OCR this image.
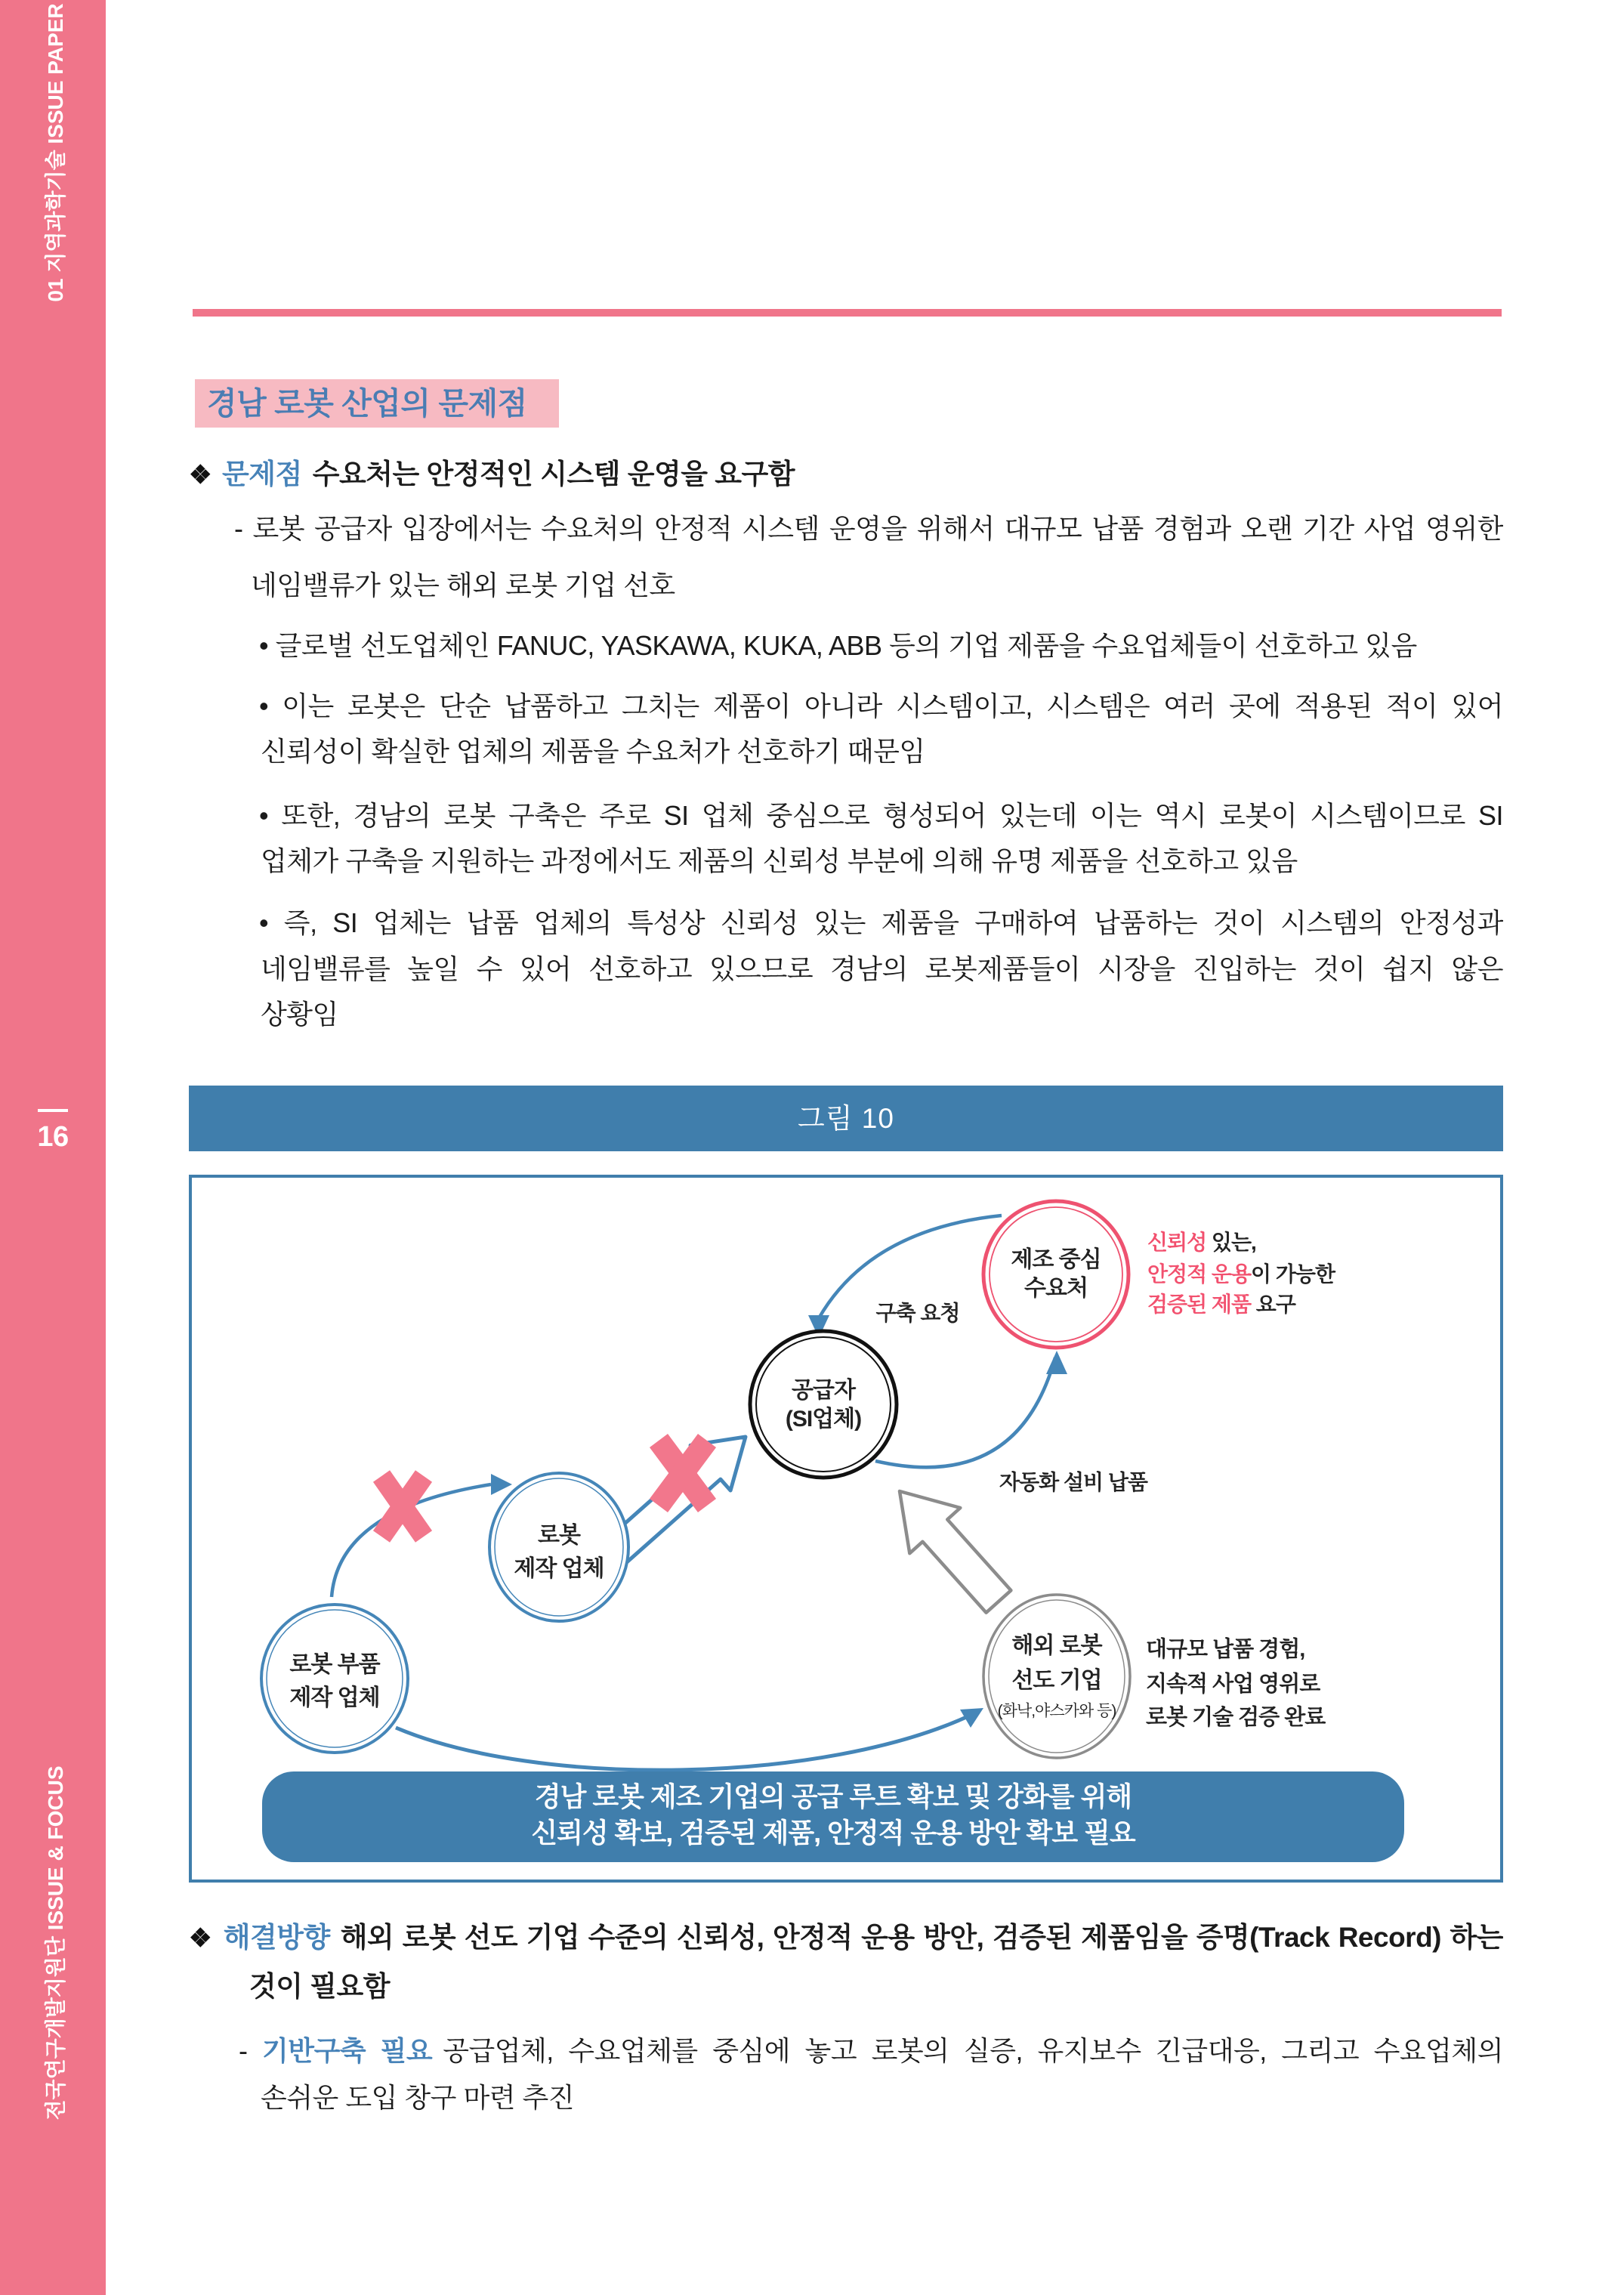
01 지역과학기술 ISSUE PAPER
16
전국연구개발지원단 ISSUE & FOCUS
경남 로봇 산업의 문제점
❖ 문제점 수요처는 안정적인 시스템 운영을 요구함
- 로봇 공급자 입장에서는 수요처의 안정적 시스템 운영을 위해서 대규모 납품 경험과 오랜 기간 사업 영위한
네임밸류가 있는 해외 로봇 기업 선호
• 글로벌 선도업체인 FANUC, YASKAWA, KUKA, ABB 등의 기업 제품을 수요업체들이 선호하고 있음
• 이는 로봇은 단순 납품하고 그치는 제품이 아니라 시스템이고, 시스템은 여러 곳에 적용된 적이 있어
신뢰성이 확실한 업체의 제품을 수요처가 선호하기 때문임
• 또한, 경남의 로봇 구축은 주로 SI 업체 중심으로 형성되어 있는데 이는 역시 로봇이 시스템이므로 SI
업체가 구축을 지원하는 과정에서도 제품의 신뢰성 부분에 의해 유명 제품을 선호하고 있음
• 즉, SI 업체는 납품 업체의 특성상 신뢰성 있는 제품을 구매하여 납품하는 것이 시스템의 안정성과
네임밸류를 높일 수 있어 선호하고 있으므로 경남의 로봇제품들이 시장을 진입하는 것이 쉽지 않은
상황임
그림 10
제조 중심
수요처
신뢰성 있는,
안정적 운용이 가능한
검증된 제품 요구
공급자
(SI업체)
구축 요청
자동화 설비 납품
로봇
제작 업체
로봇 부품
제작 업체
해외 로봇
선도 기업
(화낙,야스카와 등)
대규모 납품 경험,
지속적 사업 영위로
로봇 기술 검증 완료
경남 로봇 제조 기업의 공급 루트 확보 및 강화를 위해
신뢰성 확보, 검증된 제품, 안정적 운용 방안 확보 필요
❖ 해결방향 해외 로봇 선도 기업 수준의 신뢰성, 안정적 운용 방안, 검증된 제품임을 증명(Track Record) 하는
것이 필요함
- 기반구축 필요 공급업체, 수요업체를 중심에 놓고 로봇의 실증, 유지보수 긴급대응, 그리고 수요업체의
손쉬운 도입 창구 마련 추진
